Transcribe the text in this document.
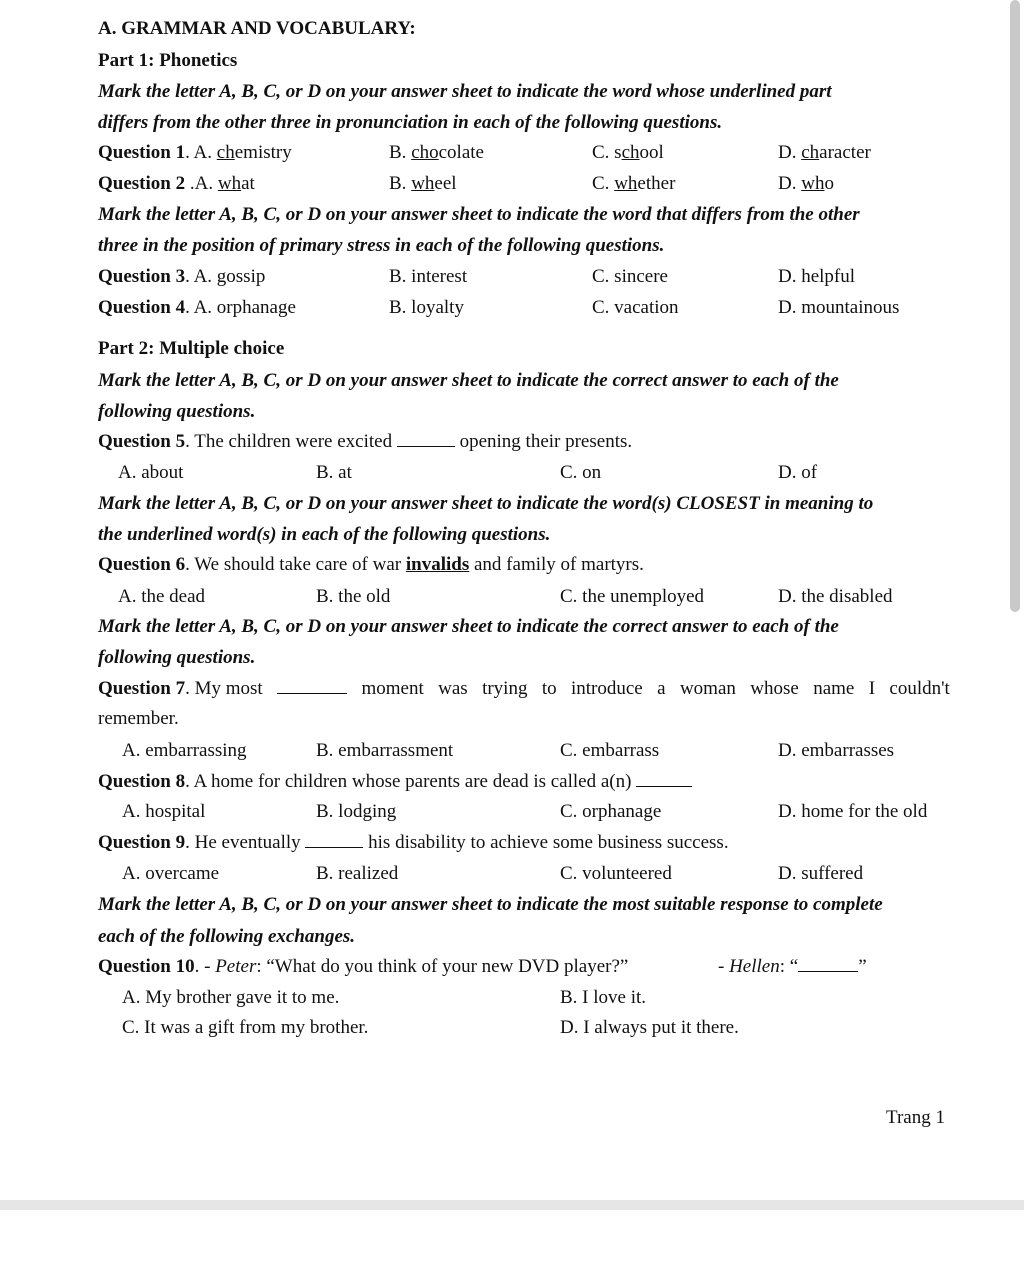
A. GRAMMAR AND VOCABULARY:
Part 1: Phonetics
Mark the letter A, B, C, or D on your answer sheet to indicate the word whose underlined part
differs from the other three in pronunciation in each of the following questions.
Question 1. A. chemistry	B. chocolate	C. school	D. character
Question 2 .A. what	B. wheel	C. whether	D. who
Mark the letter A, B, C, or D on your answer sheet to indicate the word that differs from the other
three in the position of primary stress in each of the following questions.
Question 3. A. gossip	B. interest	C. sincere	D. helpful
Question 4. A. orphanage	B. loyalty	C. vacation	D. mountainous
Part 2: Multiple choice
Mark the letter A, B, C, or D on your answer sheet to indicate the correct answer to each of the
following questions.
Question 5. The children were excited	opening their presents.
A. about	B. at	C. on	D. of
Mark the letter A, B, C, or D on your answer sheet to indicate the word(s) CLOSEST in meaning to
the underlined word(s) in each of the following questions.
Question 6. We should take care of war invalids and family of martyrs.
A. the dead	B. the old	C. the unemployed	D. the disabled
Mark the letter A, B, C, or D on your answer sheet to indicate the correct answer to each of the
following questions.
Question 7. My most	moment was trying to introduce a woman whose name I couldn't
remember.
A. embarrassing	B. embarrassment	C. embarrass	D. embarrasses
Question 8. A home for children whose parents are dead is called a(n)
A. hospital	B. lodging	C. orphanage	D. home for the old
Question 9. He eventually	his disability to achieve some business success.
A. overcame	B. realized	C. volunteered	D. suffered
Mark the letter A, B, C, or D on your answer sheet to indicate the most suitable response to complete
each of the following exchanges.
Question 10. - Peter: “What do you think of your new DVD player?”	- Hellen: “	”
A. My brother gave it to me.	B. I love it.
C. It was a gift from my brother.	D. I always put it there.
Trang 1
